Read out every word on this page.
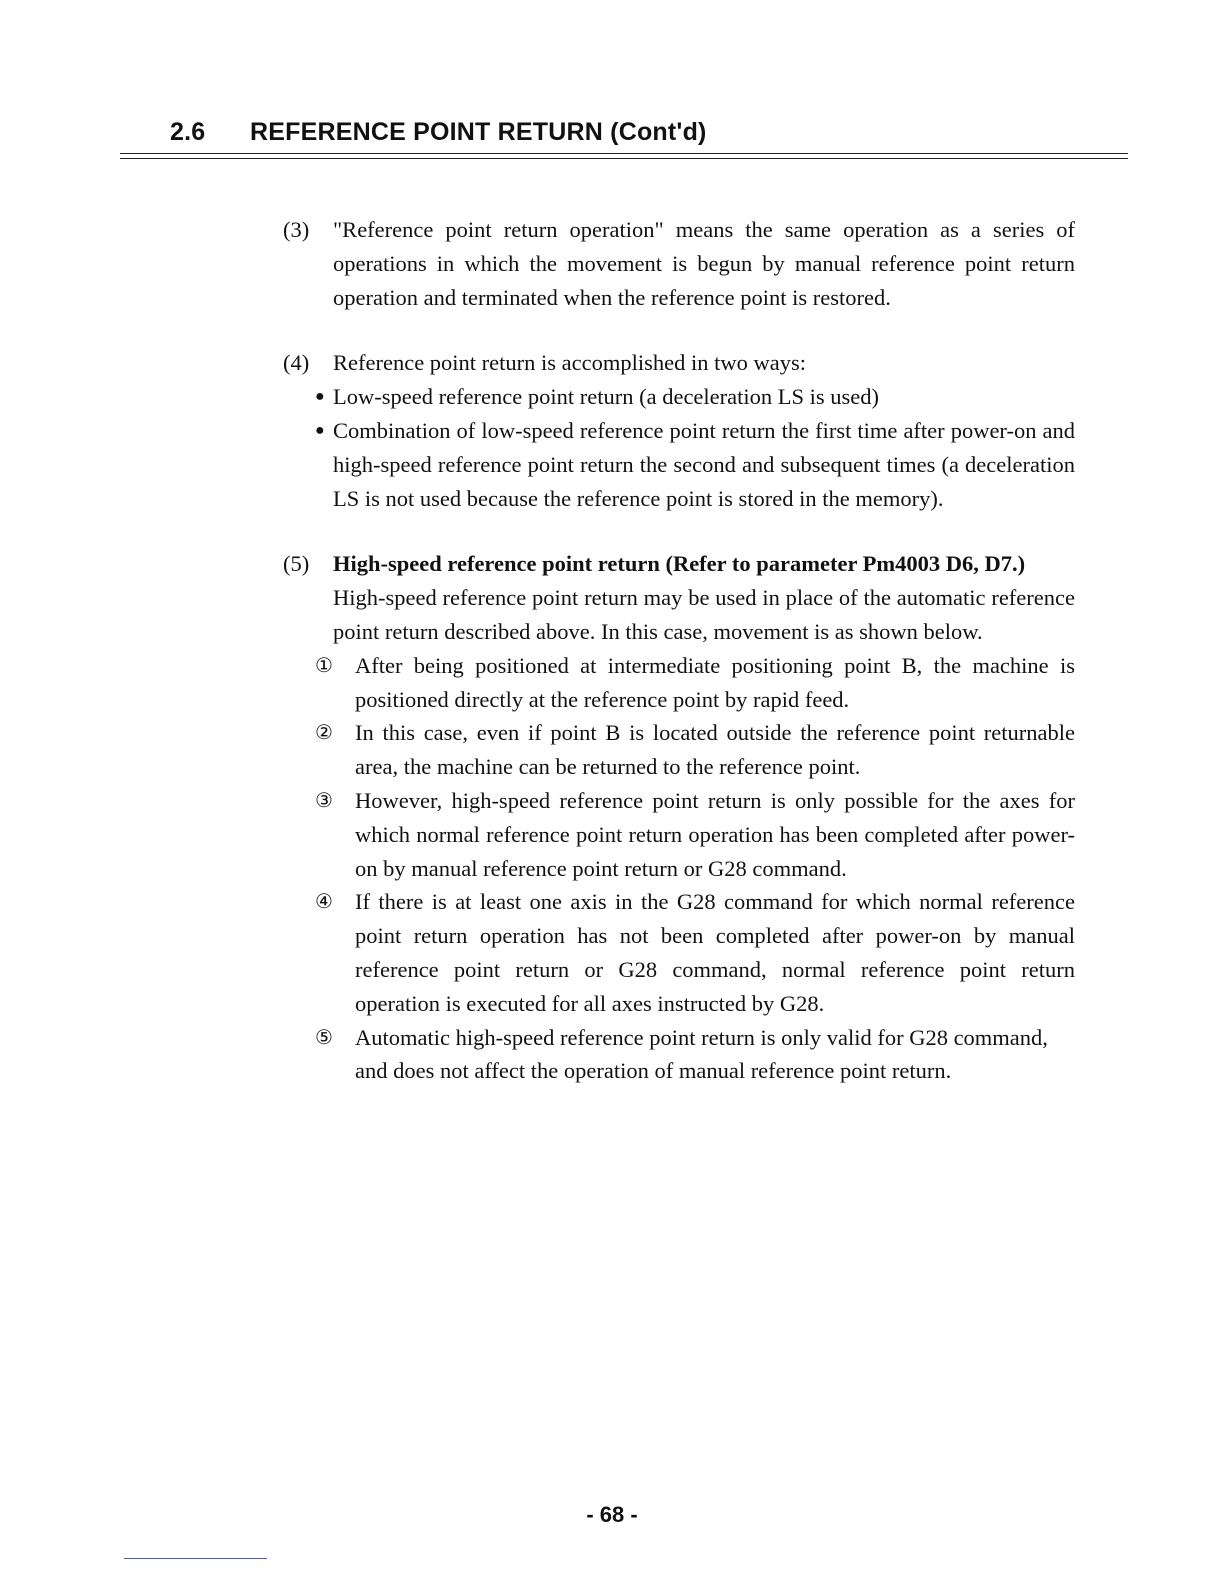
2.6 REFERENCE POINT RETURN (Cont'd)
(3)	"Reference point return operation" means the same operation as a series of operations in which the movement is begun by manual reference point return operation and terminated when the reference point is restored.

(4)	Reference point return is accomplished in two ways:

● Low-speed reference point return (a deceleration LS is used)

● Combination of low-speed reference point return the first time after power-on and high-speed reference point return the second and subsequent times (a deceleration LS is not used because the reference point is stored in the memory).

(5)	High-speed reference point return (Refer to parameter Pm4003 D6, D7.)

High-speed reference point return may be used in place of the automatic reference point return described above. In this case, movement is as shown below.

① After being positioned at intermediate positioning point B, the machine is positioned directly at the reference point by rapid feed.

② In this case, even if point B is located outside the reference point returnable area, the machine can be returned to the reference point.

③ However, high-speed reference point return is only possible for the axes for which normal reference point return operation has been completed after power-on by manual reference point return or G28 command.

④ If there is at least one axis in the G28 command for which normal reference point return operation has not been completed after power-on by manual reference point return or G28 command, normal reference point return operation is executed for all axes instructed by G28.

⑤ Automatic high-speed reference point return is only valid for G28 command, and does not affect the operation of manual reference point return.

- 68 -
